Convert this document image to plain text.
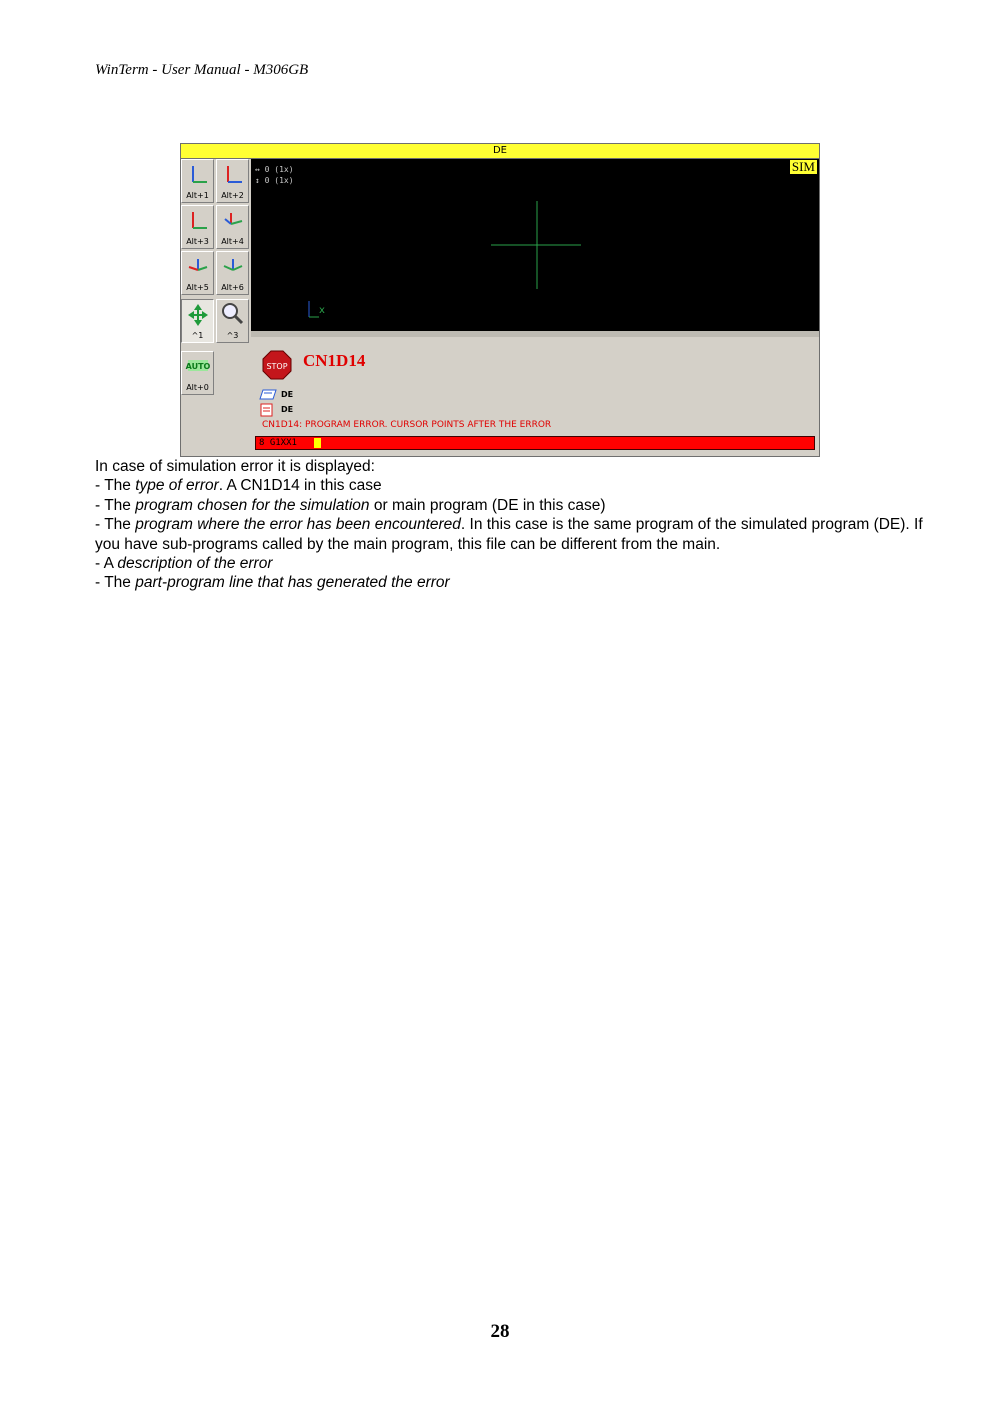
WinTerm - User Manual - M306GB
DE
Alt+1	Alt+2
Alt+3	Alt+4
Alt+5	Alt+6
^1	^3
AUTO
Alt+0
↔ 0 (1x)
↕ 0 (1x)
SIM
x
STOP CN1D14
DE
DE
CN1D14: PROGRAM ERROR. CURSOR POINTS AFTER THE ERROR
8 G1XX1

In case of simulation error it is displayed:

- The type of error. A CN1D14 in this case

- The program chosen for the simulation or main program (DE in this case)

- The program where the error has been encountered. In this case is the same program of the simulated program (DE). If you have sub-programs called by the main program, this file can be different from the main.

- A description of the error

- The part-program line that has generated the error

28
